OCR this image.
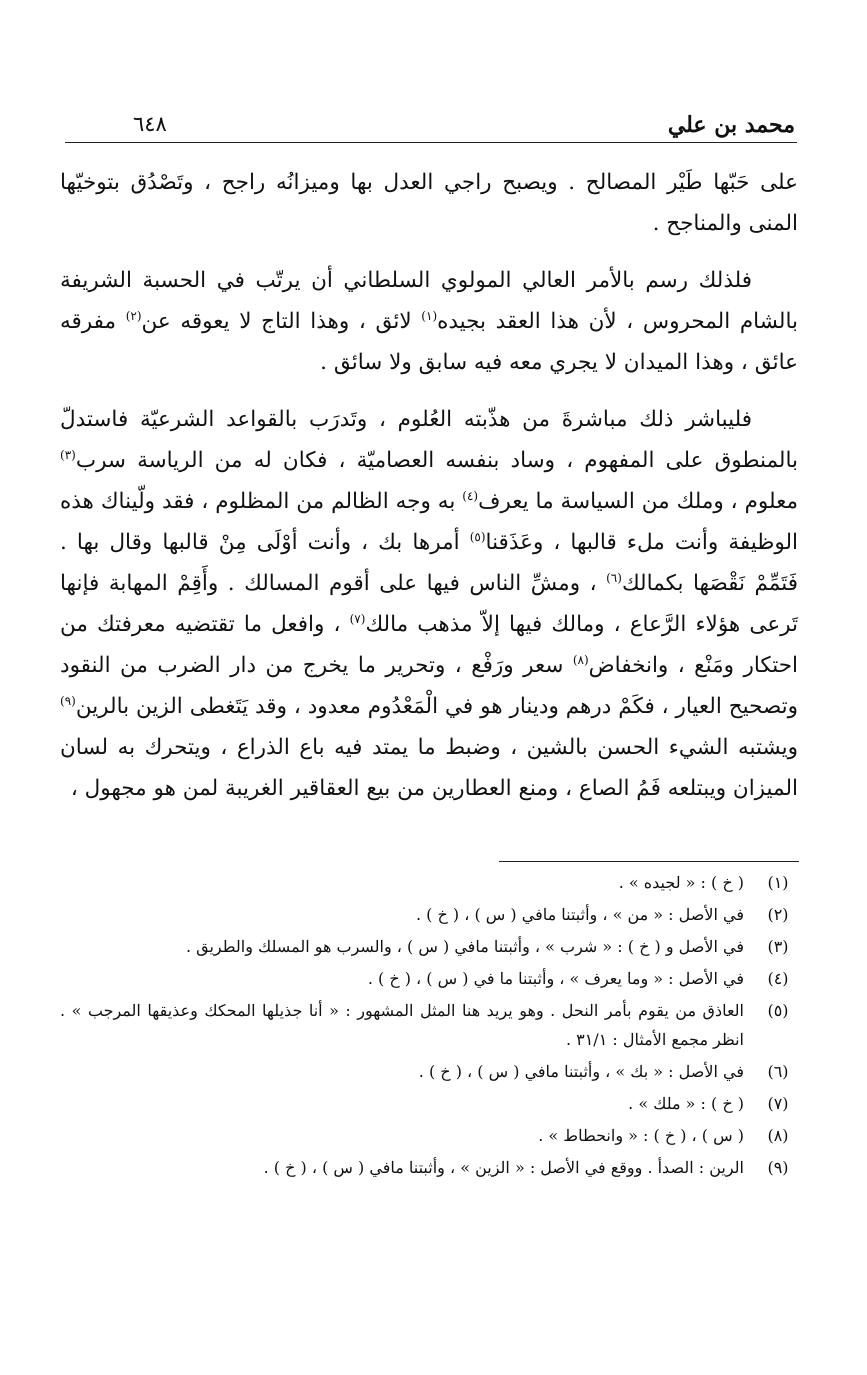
محمد بن علي
٦٤٨

على حَبّها طَيْر المصالح . ويصبح راجي العدل بها وميزانُه راجح ، وتَصْدُق بتوخيّها المنى والمناجح .

فلذلك رسم بالأمر العالي المولوي السلطاني أن يرتّب في الحسبة الشريفة بالشام المحروس ، لأن هذا العقد بجيده$^{(١)}$ لائق ، وهذا التاج لا يعوقه عن$^{(٢)}$ مفرقه عائق ، وهذا الميدان لا يجري معه فيه سابق ولا سائق .

فليباشر ذلك مباشرةَ من هذّبته العُلوم ، وتَدرَب بالقواعد الشرعيّة فاستدلّ بالمنطوق على المفهوم ، وساد بنفسه العصاميّة ، فكان له من الرياسة سرب$^{(٣)}$ معلوم ، وملك من السياسة ما يعرف$^{(٤)}$ به وجه الظالم من المظلوم ، فقد ولّيناك هذه الوظيفة وأنت ملء قالبها ، وعَذَقنا$^{(٥)}$ أمرها بك ، وأنت أوْلَى مِنْ قالبها وقال بها . فَتَمِّمْ نَقْصَها بكمالك$^{(٦)}$ ، ومشِّ الناس فيها على أقوم المسالك . وأَقِمْ المهابة فإنها تَرعى هؤلاء الرَّعاع ، ومالك فيها إلاّ مذهب مالك$^{(٧)}$ ، وافعل ما تقتضيه معرفتك من احتكار ومَنْع ، وانخفاض$^{(٨)}$ سعر ورَفْع ، وتحرير ما يخرج من دار الضرب من النقود وتصحيح العيار ، فكَمْ درهم ودينار هو في الْمَعْدُوم معدود ، وقد يَتَغطى الزين بالرين$^{(٩)}$ ويشتبه الشيء الحسن بالشين ، وضبط ما يمتد فيه باع الذراع ، ويتحرك به لسان الميزان ويبتلعه فَمُ الصاع ، ومنع العطارين من بيع العقاقير الغريبة لمن هو مجهول ،

(١)
( خ ) : « لجيده » .
(٢)
في الأصل : « من » ، وأثبتنا مافي ( س ) ، ( خ ) .
(٣)
في الأصل و ( خ ) : « شرب » ، وأثبتنا مافي ( س ) ، والسرب هو المسلك والطريق .
(٤)
في الأصل : « وما يعرف » ، وأثبتنا ما في ( س ) ، ( خ ) .
(٥)
العاذق من يقوم بأمر النحل . وهو يريد هنا المثل المشهور : « أنا جذيلها المحكك وعذيقها المرجب » . انظر مجمع الأمثال : ٣١/١ .
(٦)
في الأصل : « بك » ، وأثبتنا مافي ( س ) ، ( خ ) .
(٧)
( خ ) : « ملك » .
(٨)
( س ) ، ( خ ) : « وانحطاط » .
(٩)
الرين : الصدأ . ووقع في الأصل : « الزين » ، وأثبتنا مافي ( س ) ، ( خ ) .
